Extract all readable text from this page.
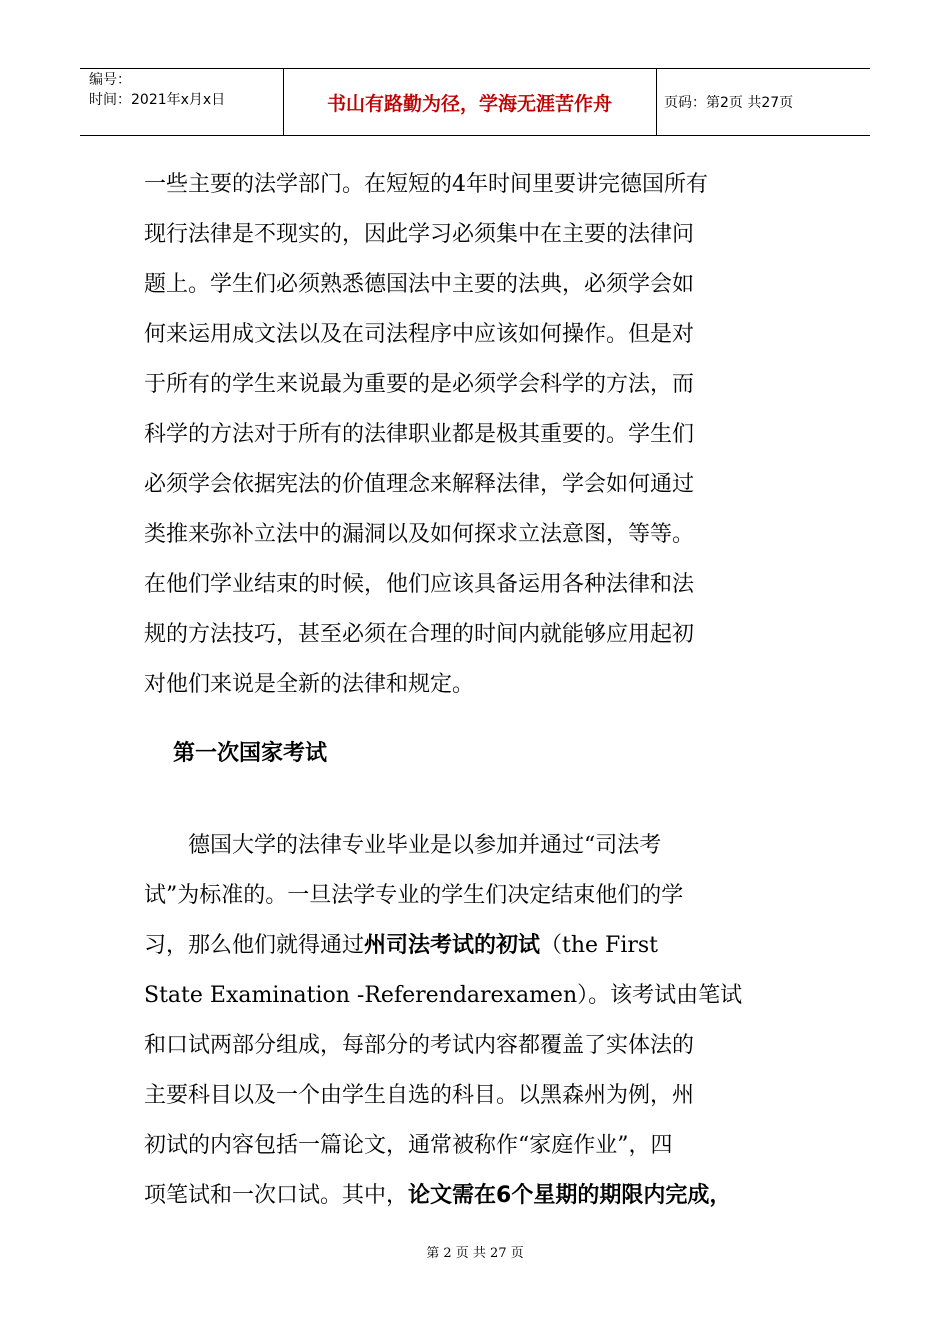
编号：
时间：2021年x月x日	书山有路勤为径，学海无涯苦作舟	页码：第2页 共27页
一些主要的法学部门。在短短的4年时间里要讲完德国所有
现行法律是不现实的，因此学习必须集中在主要的法律问
题上。学生们必须熟悉德国法中主要的法典，必须学会如
何来运用成文法以及在司法程序中应该如何操作。但是对
于所有的学生来说最为重要的是必须学会科学的方法，而
科学的方法对于所有的法律职业都是极其重要的。学生们
必须学会依据宪法的价值理念来解释法律，学会如何通过
类推来弥补立法中的漏洞以及如何探求立法意图，等等。
在他们学业结束的时候，他们应该具备运用各种法律和法
规的方法技巧，甚至必须在合理的时间内就能够应用起初
对他们来说是全新的法律和规定。
第一次国家考试
　　德国大学的法律专业毕业是以参加并通过“司法考
试”为标准的。一旦法学专业的学生们决定结束他们的学
习，那么他们就得通过州司法考试的初试（the First
State Examination -Referendarexamen）。该考试由笔试
和口试两部分组成，每部分的考试内容都覆盖了实体法的
主要科目以及一个由学生自选的科目。以黑森州为例，州
初试的内容包括一篇论文，通常被称作“家庭作业”，四
项笔试和一次口试。其中，论文需在6个星期的期限内完成，
第 2 页 共 27 页
